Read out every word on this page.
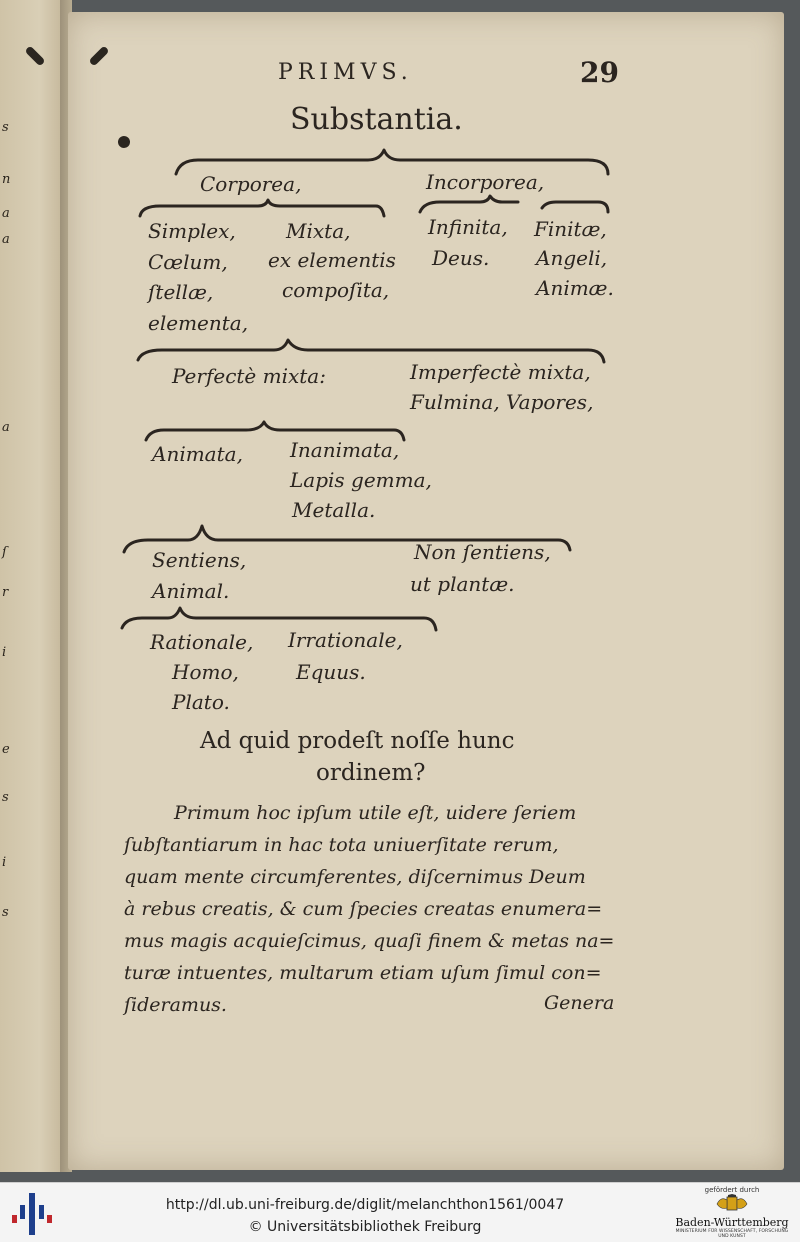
s
n
a
a
a
ſ
r
i
e
s
i
s
PRIMVS.	29
Substantia.
Corporea,	Incorporea,
Simplex,
Cœlum,
ſtellæ,
elementa,
Mixta,
ex elementis
compoſita,
Infinita,
Deus.
Finitæ,
Angeli,
Animæ.
Perfectè mixta:	Imperfectè mixta,
Fulmina, Vapores,
Animata, Inanimata,
Lapis gemma,
Metalla.
Sentiens,
Animal.
Non ſentiens,
ut plantæ.
Rationale,
Homo,
Plato.
Irrationale,
Equus.
Ad quid prodeſt noſſe hunc
ordinem?
Primum hoc ipſum utile eſt, uidere ſeriem
ſubſtantiarum in hac tota uniuerſitate rerum,
quam mente circumferentes, diſcernimus Deum
à rebus creatis, & cum ſpecies creatas enumera=
mus magis acquieſcimus, quaſi finem & metas na=
turæ intuentes, multarum etiam uſum ſimul con=
ſideramus.	Genera
http://dl.ub.uni-freiburg.de/diglit/melanchthon1561/0047
© Universitätsbibliothek Freiburg
gefördert durch
Baden-Württemberg
MINISTERIUM FÜR WISSENSCHAFT, FORSCHUNG UND KUNST
